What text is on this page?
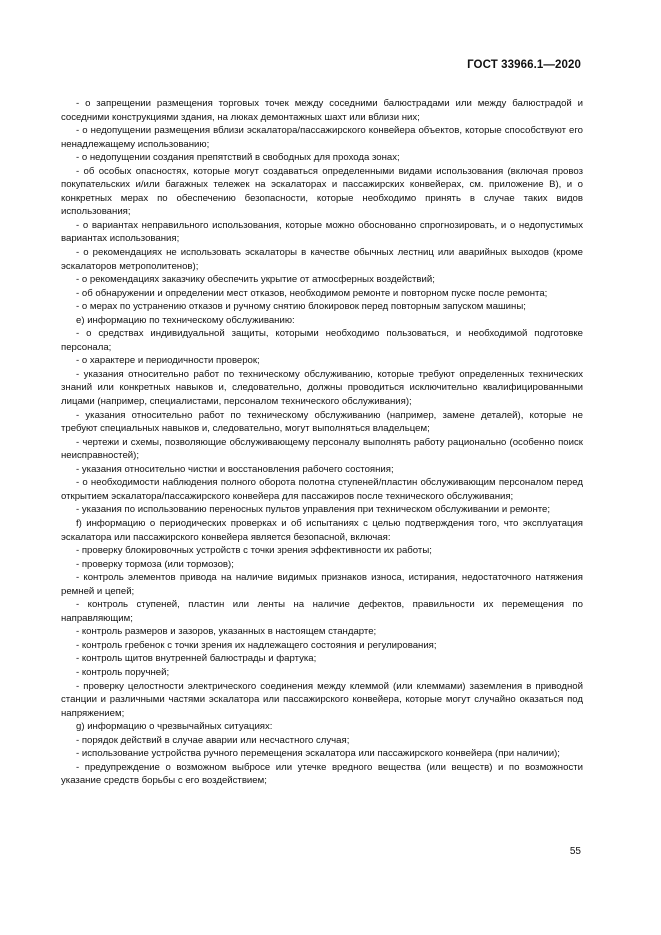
ГОСТ 33966.1—2020

- о запрещении размещения торговых точек между соседними балюстрадами или между балюстрадой и соседними конструкциями здания, на люках демонтажных шахт или вблизи них;

- о недопущении размещения вблизи эскалатора/пассажирского конвейера объектов, которые способствуют его ненадлежащему использованию;

- о недопущении создания препятствий в свободных для прохода зонах;

- об особых опасностях, которые могут создаваться определенными видами использования (включая провоз покупательских и/или багажных тележек на эскалаторах и пассажирских конвейерах, см. приложение В), и о конкретных мерах по обеспечению безопасности, которые необходимо принять в случае таких видов использования;

- о вариантах неправильного использования, которые можно обоснованно спрогнозировать, и о недопустимых вариантах использования;

- о рекомендациях не использовать эскалаторы в качестве обычных лестниц или аварийных выходов (кроме эскалаторов метрополитенов);

- о рекомендациях заказчику обеспечить укрытие от атмосферных воздействий;

- об обнаружении и определении мест отказов, необходимом ремонте и повторном пуске после ремонта;

- о мерах по устранению отказов и ручному снятию блокировок перед повторным запуском машины;

e) информацию по техническому обслуживанию:

- о средствах индивидуальной защиты, которыми необходимо пользоваться, и необходимой подготовке персонала;

- о характере и периодичности проверок;

- указания относительно работ по техническому обслуживанию, которые требуют определенных технических знаний или конкретных навыков и, следовательно, должны проводиться исключительно квалифицированными лицами (например, специалистами, персоналом технического обслуживания);

- указания относительно работ по техническому обслуживанию (например, замене деталей), которые не требуют специальных навыков и, следовательно, могут выполняться владельцем;

- чертежи и схемы, позволяющие обслуживающему персоналу выполнять работу рационально (особенно поиск неисправностей);

- указания относительно чистки и восстановления рабочего состояния;

- о необходимости наблюдения полного оборота полотна ступеней/пластин обслуживающим персоналом перед открытием эскалатора/пассажирского конвейера для пассажиров после технического обслуживания;

- указания по использованию переносных пультов управления при техническом обслуживании и ремонте;

f) информацию о периодических проверках и об испытаниях с целью подтверждения того, что эксплуатация эскалатора или пассажирского конвейера является безопасной, включая:

- проверку блокировочных устройств с точки зрения эффективности их работы;

- проверку тормоза (или тормозов);

- контроль элементов привода на наличие видимых признаков износа, истирания, недостаточного натяжения ремней и цепей;

- контроль ступеней, пластин или ленты на наличие дефектов, правильности их перемещения по направляющим;

- контроль размеров и зазоров, указанных в настоящем стандарте;

- контроль гребенок с точки зрения их надлежащего состояния и регулирования;

- контроль щитов внутренней балюстрады и фартука;

- контроль поручней;

- проверку целостности электрического соединения между клеммой (или клеммами) заземления в приводной станции и различными частями эскалатора или пассажирского конвейера, которые могут случайно оказаться под напряжением;

g) информацию о чрезвычайных ситуациях:

- порядок действий в случае аварии или несчастного случая;

- использование устройства ручного перемещения эскалатора или пассажирского конвейера (при наличии);

- предупреждение о возможном выбросе или утечке вредного вещества (или веществ) и по возможности указание средств борьбы с его воздействием;

55
